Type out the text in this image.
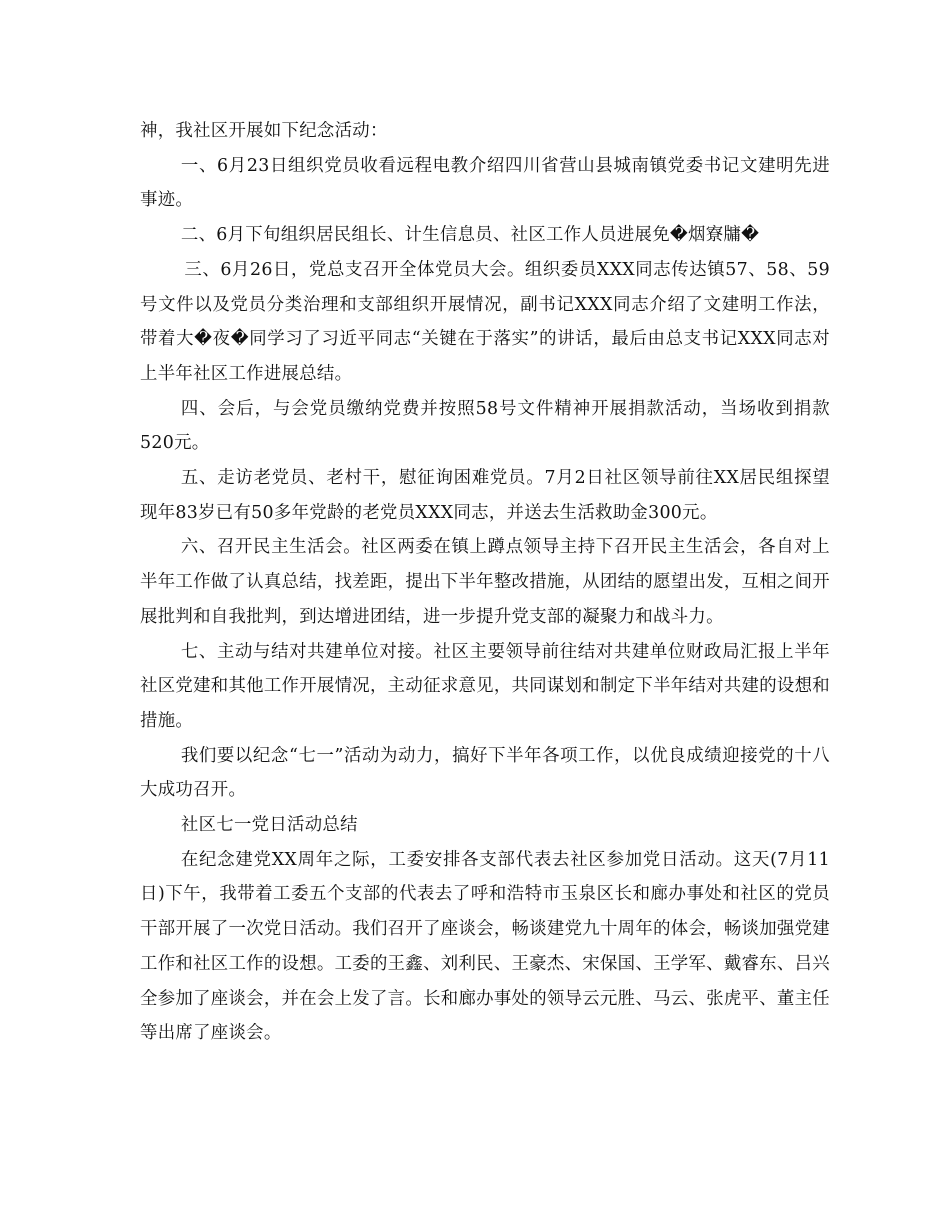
神，我社区开展如下纪念活动：

一、6月23日组织党员收看远程电教介绍四川省营山县城南镇党委书记文建明先进事迹。

二、6月下旬组织居民组长、计生信息员、社区工作人员进展免�烟寮牗�

三、6月26日，党总支召开全体党员大会。组织委员XXX同志传达镇57、58、59号文件以及党员分类治理和支部组织开展情况，副书记XXX同志介绍了文建明工作法，带着大�夜�同学习了习近平同志“关键在于落实”的讲话，最后由总支书记XXX同志对上半年社区工作进展总结。

四、会后，与会党员缴纳党费并按照58号文件精神开展捐款活动，当场收到捐款520元。

五、走访老党员、老村干，慰征询困难党员。7月2日社区领导前往XX居民组探望现年83岁已有50多年党龄的老党员XXX同志，并送去生活救助金300元。

六、召开民主生活会。社区两委在镇上蹲点领导主持下召开民主生活会，各自对上半年工作做了认真总结，找差距，提出下半年整改措施，从团结的愿望出发，互相之间开展批判和自我批判，到达增进团结，进一步提升党支部的凝聚力和战斗力。

七、主动与结对共建单位对接。社区主要领导前往结对共建单位财政局汇报上半年社区党建和其他工作开展情况，主动征求意见，共同谋划和制定下半年结对共建的设想和措施。

我们要以纪念“七一”活动为动力，搞好下半年各项工作，以优良成绩迎接党的十八大成功召开。

社区七一党日活动总结

在纪念建党XX周年之际，工委安排各支部代表去社区参加党日活动。这天(7月11日)下午，我带着工委五个支部的代表去了呼和浩特市玉泉区长和廊办事处和社区的党员干部开展了一次党日活动。我们召开了座谈会，畅谈建党九十周年的体会，畅谈加强党建工作和社区工作的设想。工委的王鑫、刘利民、王豪杰、宋保国、王学军、戴睿东、吕兴全参加了座谈会，并在会上发了言。长和廊办事处的领导云元胜、马云、张虎平、董主任等出席了座谈会。
